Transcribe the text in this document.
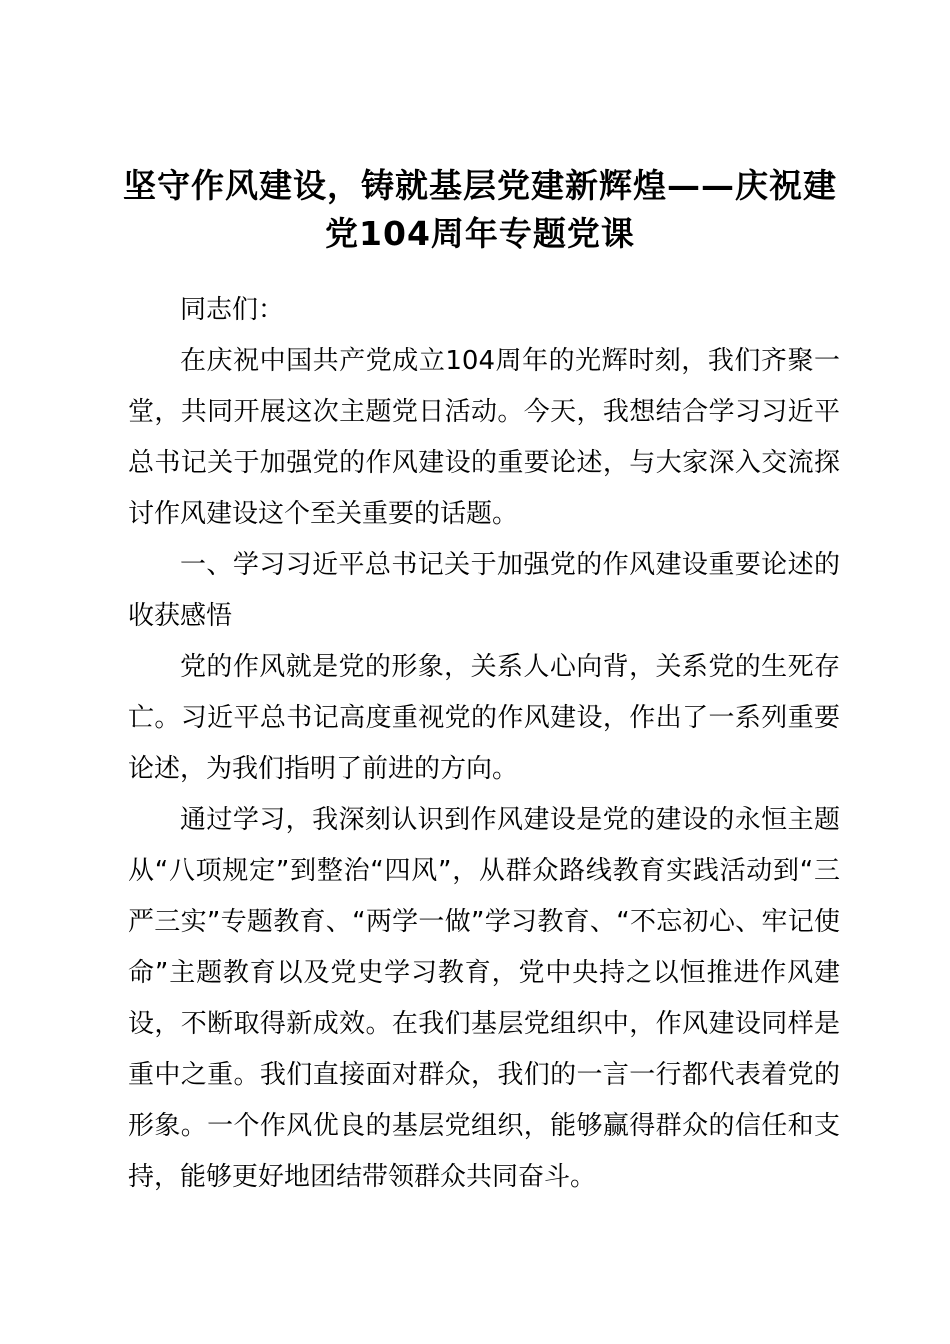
坚守作风建设，铸就基层党建新辉煌——庆祝建党104周年专题党课

同志们：

在庆祝中国共产党成立104周年的光辉时刻，我们齐聚一堂，共同开展这次主题党日活动。今天，我想结合学习习近平总书记关于加强党的作风建设的重要论述，与大家深入交流探讨作风建设这个至关重要的话题。

一、学习习近平总书记关于加强党的作风建设重要论述的收获感悟

党的作风就是党的形象，关系人心向背，关系党的生死存亡。习近平总书记高度重视党的作风建设，作出了一系列重要论述，为我们指明了前进的方向。

通过学习，我深刻认识到作风建设是党的建设的永恒主题从“八项规定”到整治“四风”，从群众路线教育实践活动到“三严三实”专题教育、“两学一做”学习教育、“不忘初心、牢记使命”主题教育以及党史学习教育，党中央持之以恒推进作风建设，不断取得新成效。在我们基层党组织中，作风建设同样是重中之重。我们直接面对群众，我们的一言一行都代表着党的形象。一个作风优良的基层党组织，能够赢得群众的信任和支持，能够更好地团结带领群众共同奋斗。
